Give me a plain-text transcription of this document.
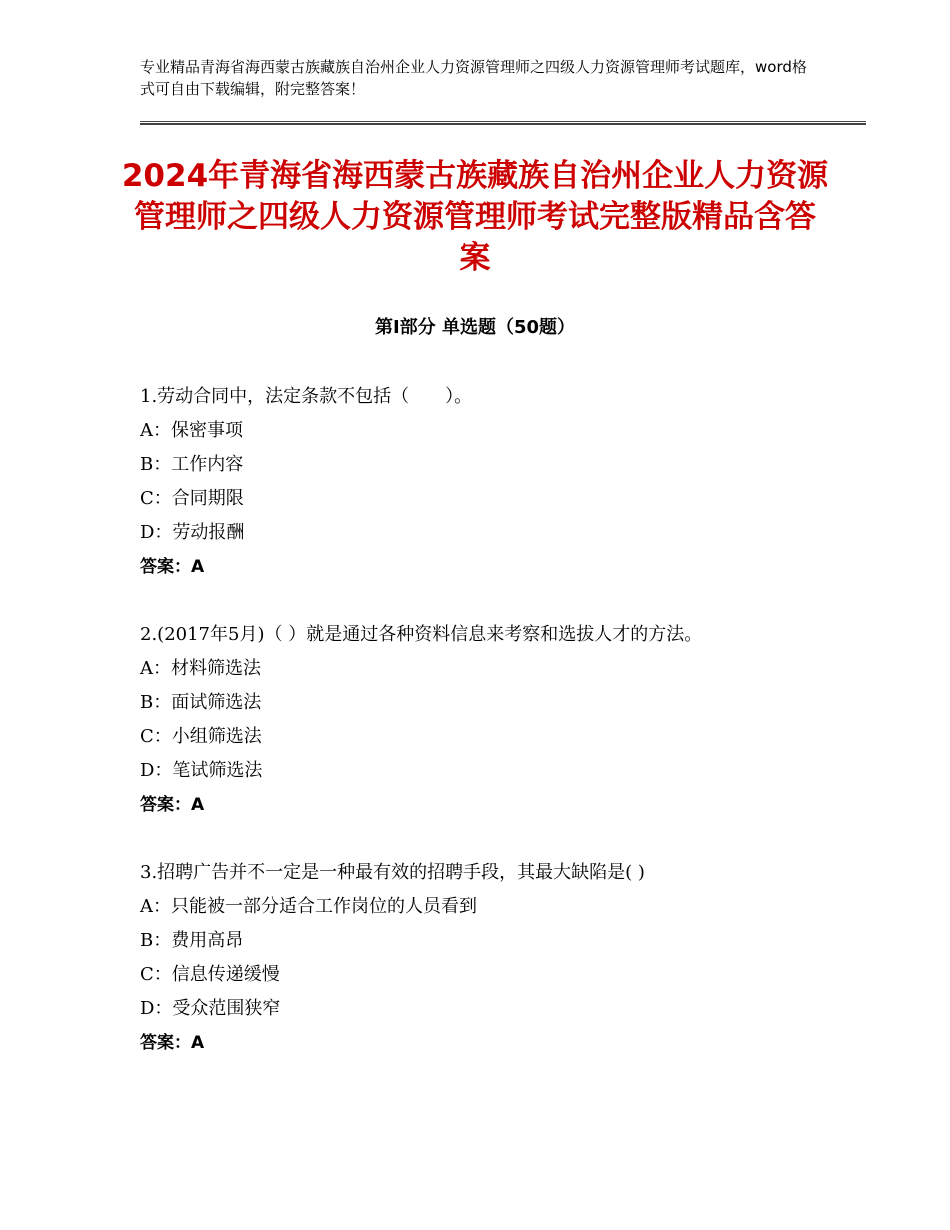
专业精品青海省海西蒙古族藏族自治州企业人力资源管理师之四级人力资源管理师考试题库，word格式可自由下载编辑，附完整答案！
2024年青海省海西蒙古族藏族自治州企业人力资源管理师之四级人力资源管理师考试完整版精品含答案
第Ⅰ部分 单选题（50题）
1.劳动合同中，法定条款不包括（　　）。
A：保密事项
B：工作内容
C：合同期限
D：劳动报酬
答案：A
2.(2017年5月)（ ）就是通过各种资料信息来考察和选拔人才的方法。
A：材料筛选法
B：面试筛选法
C：小组筛选法
D：笔试筛选法
答案：A
3.招聘广告并不一定是一种最有效的招聘手段，其最大缺陷是( )
A：只能被一部分适合工作岗位的人员看到
B：费用高昂
C：信息传递缓慢
D：受众范围狭窄
答案：A
